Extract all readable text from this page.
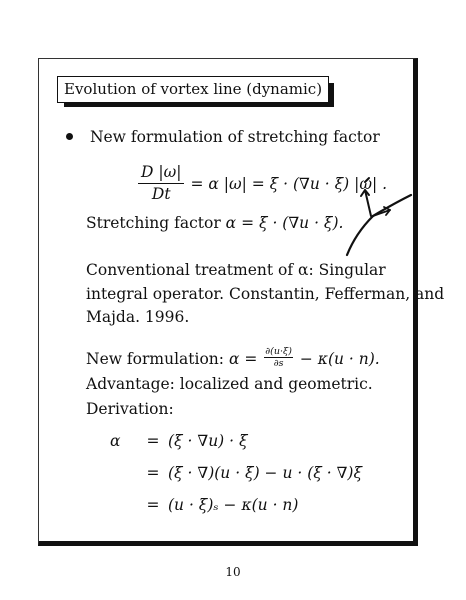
Evolution of vortex line (dynamic)
New formulation of stretching factor
$\frac{D |\omega|}{Dt} = \alpha$ |ω| = ξ · (∇u · ξ) |ω| .
Stretching factor α = ξ · (∇u · ξ).
Conventional treatment of α: Singular
integral operator. Constantin, Fefferman, and
Majda. 1996.
New formulation: $\alpha = \frac{\partial(u\cdot\xi)}{\partial s} - \kappa(u \cdot n)$.
Advantage: localized and geometric.
Derivation:
α	= (ξ · ∇u) · ξ
= (ξ · ∇)(u · ξ) − u · (ξ · ∇)ξ
= (u · ξ)ₛ − κ(u · n)
10
